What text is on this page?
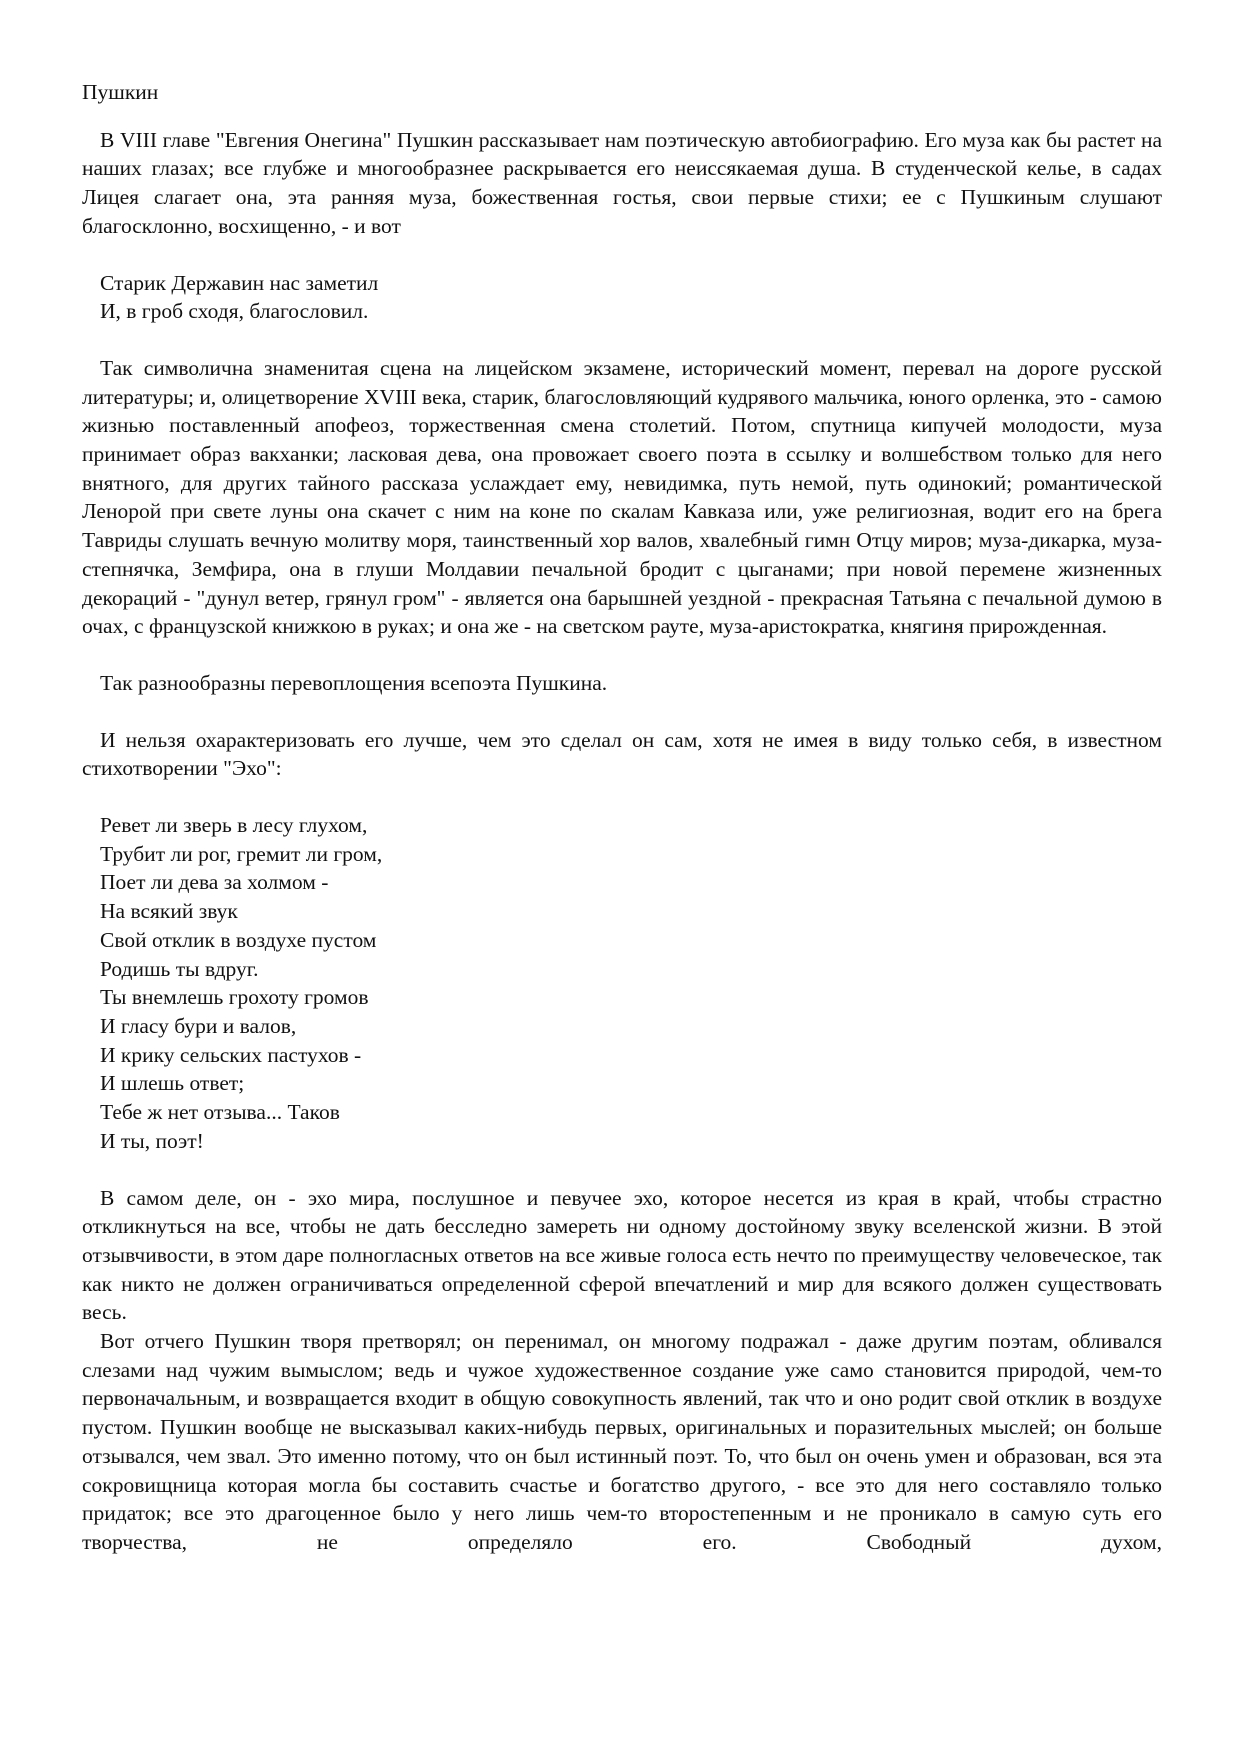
Пушкин

В VIII главе "Евгения Онегина" Пушкин рассказывает нам поэтическую автобиографию. Его муза как бы растет на наших глазах; все глубже и многообразнее раскрывается его неиссякаемая душа. В студенческой келье, в садах Лицея слагает она, эта ранняя муза, божественная гостья, свои первые стихи; ее с Пушкиным слушают благосклонно, восхищенно, - и вот

Старик Державин нас заметил
И, в гроб сходя, благословил.

Так символична знаменитая сцена на лицейском экзамене, исторический момент, перевал на дороге русской литературы; и, олицетворение XVIII века, старик, благословляющий кудрявого мальчика, юного орленка, это - самою жизнью поставленный апофеоз, торжественная смена столетий. Потом, спутница кипучей молодости, муза принимает образ вакханки; ласковая дева, она провожает своего поэта в ссылку и волшебством только для него внятного, для других тайного рассказа услаждает ему, невидимка, путь немой, путь одинокий; романтической Ленорой при свете луны она скачет с ним на коне по скалам Кавказа или, уже религиозная, водит его на брега Тавриды слушать вечную молитву моря, таинственный хор валов, хвалебный гимн Отцу миров; муза-дикарка, муза-степнячка, Земфира, она в глуши Молдавии печальной бродит с цыганами; при новой перемене жизненных декораций - "дунул ветер, грянул гром" - является она барышней уездной - прекрасная Татьяна с печальной думою в очах, с французской книжкою в руках; и она же - на светском рауте, муза-аристократка, княгиня прирожденная.

Так разнообразны перевоплощения всепоэта Пушкина.

И нельзя охарактеризовать его лучше, чем это сделал он сам, хотя не имея в виду только себя, в известном стихотворении "Эхо":

Ревет ли зверь в лесу глухом,
Трубит ли рог, гремит ли гром,
Поет ли дева за холмом -
На всякий звук
Свой отклик в воздухе пустом
Родишь ты вдруг.
Ты внемлешь грохоту громов
И гласу бури и валов,
И крику сельских пастухов -
И шлешь ответ;
Тебе ж нет отзыва... Таков
И ты, поэт!

В самом деле, он - эхо мира, послушное и певучее эхо, которое несется из края в край, чтобы страстно откликнуться на все, чтобы не дать бесследно замереть ни одному достойному звуку вселенской жизни. В этой отзывчивости, в этом даре полногласных ответов на все живые голоса есть нечто по преимуществу человеческое, так как никто не должен ограничиваться определенной сферой впечатлений и мир для всякого должен существовать весь.

Вот отчего Пушкин творя претворял; он перенимал, он многому подражал - даже другим поэтам, обливался слезами над чужим вымыслом; ведь и чужое художественное создание уже само становится природой, чем-то первоначальным, и возвращается входит в общую совокупность явлений, так что и оно родит свой отклик в воздухе пустом. Пушкин вообще не высказывал каких-нибудь первых, оригинальных и поразительных мыслей; он больше отзывался, чем звал. Это именно потому, что он был истинный поэт. То, что был он очень умен и образован, вся эта сокровищница которая могла бы составить счастье и богатство другого, - все это для него составляло только придаток; все это драгоценное было у него лишь чем-то второстепенным и не проникало в самую суть его творчества, не определяло его. Свободный духом,
